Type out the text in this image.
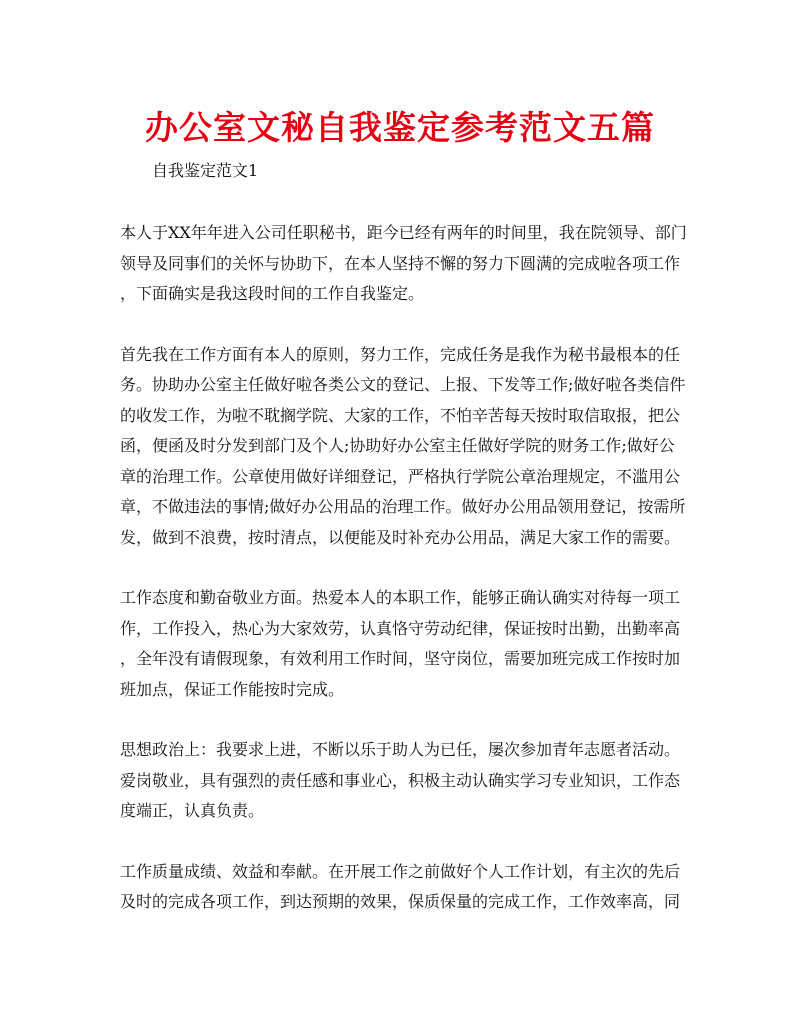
办公室文秘自我鉴定参考范文五篇

自我鉴定范文1

本人于XX年年进入公司任职秘书，距今已经有两年的时间里，我在院领导、部门
领导及同事们的关怀与协助下，在本人坚持不懈的努力下圆满的完成啦各项工作
，下面确实是我这段时间的工作自我鉴定。

首先我在工作方面有本人的原则，努力工作，完成任务是我作为秘书最根本的任
务。协助办公室主任做好啦各类公文的登记、上报、下发等工作;做好啦各类信件
的收发工作，为啦不耽搁学院、大家的工作，不怕辛苦每天按时取信取报，把公
函，便函及时分发到部门及个人;协助好办公室主任做好学院的财务工作;做好公
章的治理工作。公章使用做好详细登记，严格执行学院公章治理规定，不滥用公
章，不做违法的事情;做好办公用品的治理工作。做好办公用品领用登记，按需所
发，做到不浪费，按时清点，以便能及时补充办公用品，满足大家工作的需要。

工作态度和勤奋敬业方面。热爱本人的本职工作，能够正确认确实对待每一项工
作，工作投入，热心为大家效劳，认真恪守劳动纪律，保证按时出勤，出勤率高
，全年没有请假现象，有效利用工作时间，坚守岗位，需要加班完成工作按时加
班加点，保证工作能按时完成。

思想政治上：我要求上进，不断以乐于助人为已任，屡次参加青年志愿者活动。
爱岗敬业，具有强烈的责任感和事业心，积极主动认确实学习专业知识，工作态
度端正，认真负责。

工作质量成绩、效益和奉献。在开展工作之前做好个人工作计划，有主次的先后
及时的完成各项工作，到达预期的效果，保质保量的完成工作，工作效率高，同
